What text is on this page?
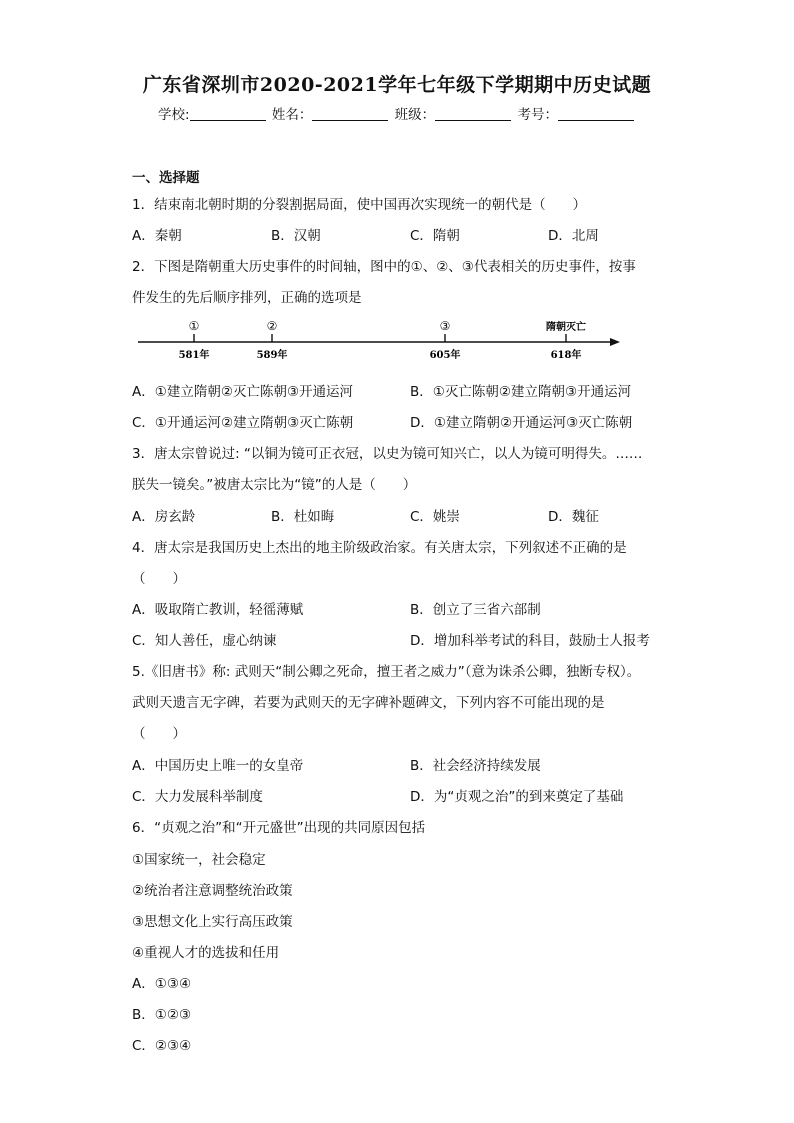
广东省深圳市2020-2021学年七年级下学期期中历史试题
学校:	姓名：	班级：	考号：
一、选择题
1．结束南北朝时期的分裂割据局面，使中国再次实现统一的朝代是（　　）
A．秦朝	B．汉朝	C．隋朝	D．北周
2．下图是隋朝重大历史事件的时间轴，图中的①、②、③代表相关的历史事件，按事
件发生的先后顺序排列，正确的选项是
①	②	③	隋朝灭亡
581年	589年	605年	618年
A．①建立隋朝②灭亡陈朝③开通运河	B．①灭亡陈朝②建立隋朝③开通运河
C．①开通运河②建立隋朝③灭亡陈朝	D．①建立隋朝②开通运河③灭亡陈朝
3．唐太宗曾说过: “以铜为镜可正衣冠，以史为镜可知兴亡，以人为镜可明得失。……
朕失一镜矣。”被唐太宗比为“镜”的人是（　　）
A．房玄龄	B．杜如晦	C．姚崇	D．魏征
4．唐太宗是我国历史上杰出的地主阶级政治家。有关唐太宗，下列叙述不正确的是
（　　）
A．吸取隋亡教训，轻徭薄赋	B．创立了三省六部制
C．知人善任，虚心纳谏	D．增加科举考试的科目，鼓励士人报考
5.《旧唐书》称: 武则天“制公卿之死命，擅王者之威力”（意为诛杀公卿，独断专权）。
武则天遗言无字碑，若要为武则天的无字碑补题碑文，下列内容不可能出现的是
（　　）
A．中国历史上唯一的女皇帝	B．社会经济持续发展
C．大力发展科举制度	D．为“贞观之治”的到来奠定了基础
6．“贞观之治”和“开元盛世”出现的共同原因包括
①国家统一，社会稳定
②统治者注意调整统治政策
③思想文化上实行高压政策
④重视人才的选拔和任用
A．①③④
B．①②③
C．②③④
